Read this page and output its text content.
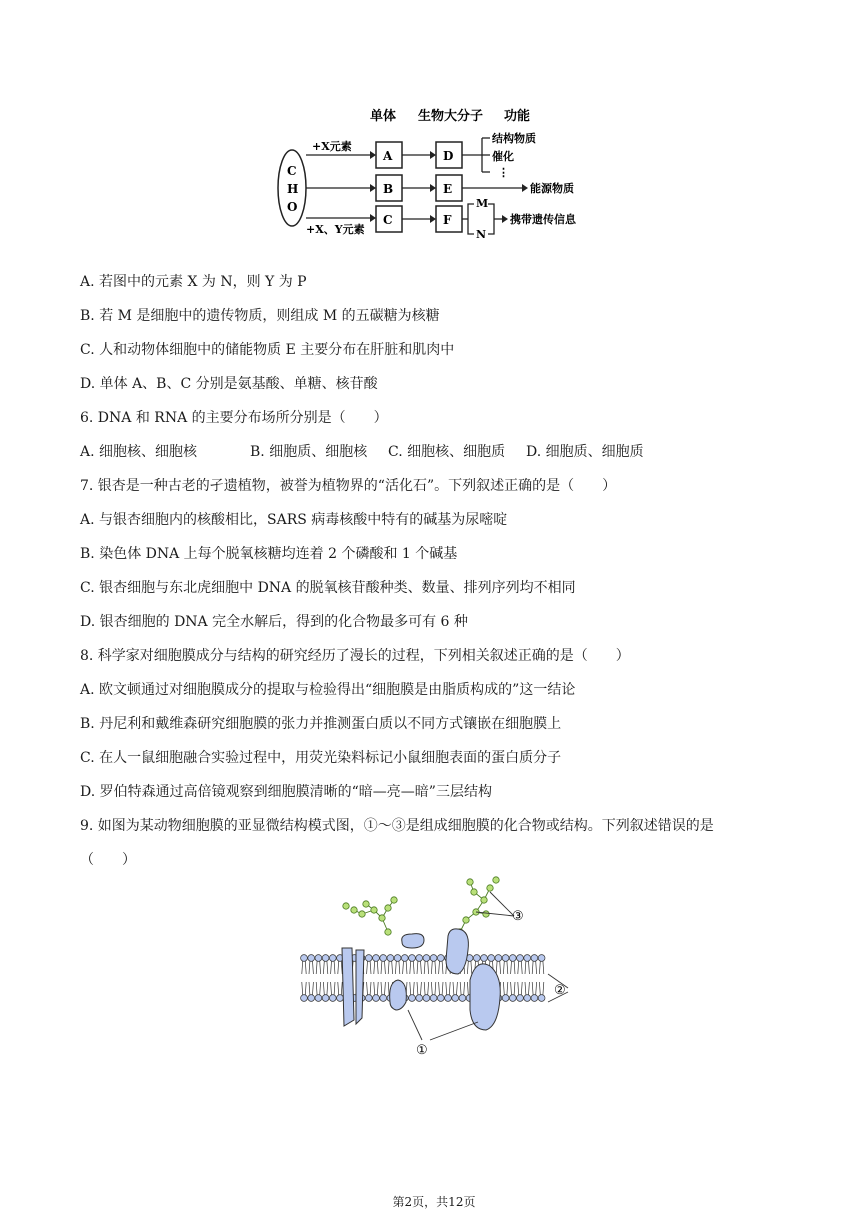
单体 生物大分子 功能
C
H
O
+X元素
+X、Y元素
A
B
C
D
E
F
结构物质
催化
⋮
能源物质
M
N
携带遗传信息
A. 若图中的元素 X 为 N，则 Y 为 P
B. 若 M 是细胞中的遗传物质，则组成 M 的五碳糖为核糖
C. 人和动物体细胞中的储能物质 E 主要分布在肝脏和肌肉中
D. 单体 A、B、C 分别是氨基酸、单糖、核苷酸
6. DNA 和 RNA 的主要分布场所分别是（　　）
A. 细胞核、细胞核	B. 细胞质、细胞核 C. 细胞核、细胞质 D. 细胞质、细胞质
7. 银杏是一种古老的孑遗植物，被誉为植物界的“活化石”。下列叙述正确的是（　　）
A. 与银杏细胞内的核酸相比，SARS 病毒核酸中特有的碱基为尿嘧啶
B. 染色体 DNA 上每个脱氧核糖均连着 2 个磷酸和 1 个碱基
C. 银杏细胞与东北虎细胞中 DNA 的脱氧核苷酸种类、数量、排列序列均不相同
D. 银杏细胞的 DNA 完全水解后，得到的化合物最多可有 6 种
8. 科学家对细胞膜成分与结构的研究经历了漫长的过程，下列相关叙述正确的是（　　）
A. 欧文顿通过对细胞膜成分的提取与检验得出“细胞膜是由脂质构成的”这一结论
B. 丹尼利和戴维森研究细胞膜的张力并推测蛋白质以不同方式镶嵌在细胞膜上
C. 在人一鼠细胞融合实验过程中，用荧光染料标记小鼠细胞表面的蛋白质分子
D. 罗伯特森通过高倍镜观察到细胞膜清晰的“暗—亮—暗”三层结构
9. 如图为某动物细胞膜的亚显微结构模式图，①～③是组成细胞膜的化合物或结构。下列叙述错误的是
（　　）
③
②
①
第2页，共12页
